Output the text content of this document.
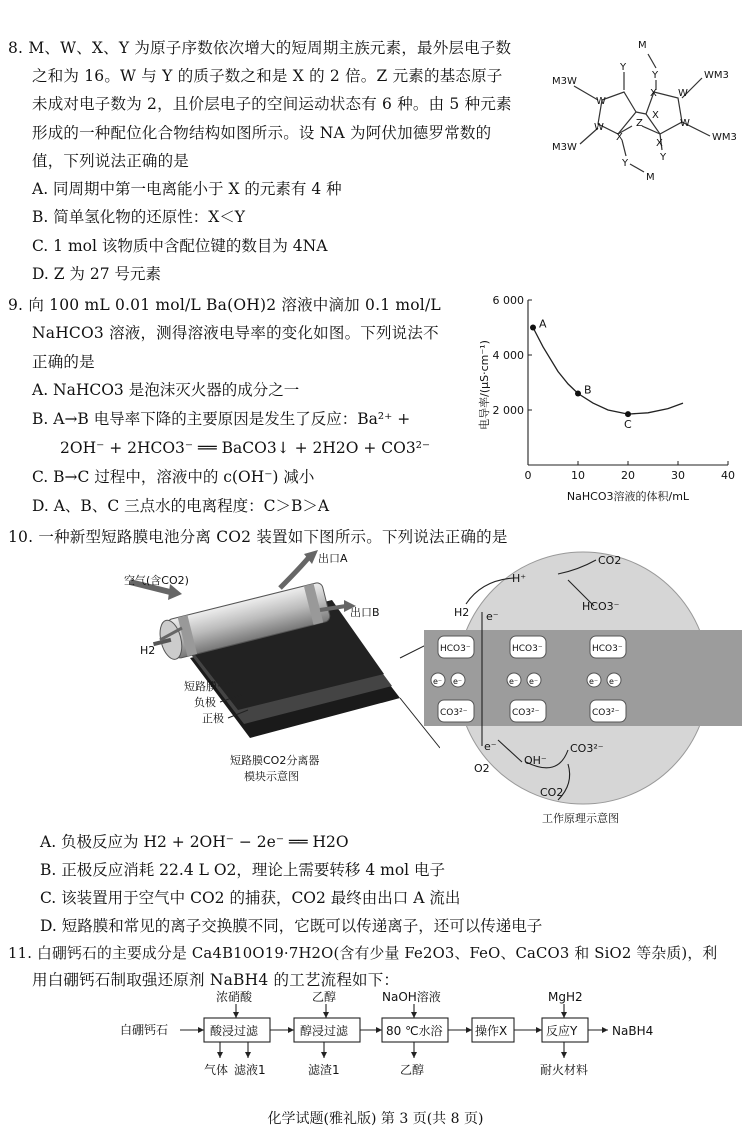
8. M、W、X、Y 为原子序数依次增大的短周期主族元素，最外层电子数
之和为 16。W 与 Y 的质子数之和是 X 的 2 倍。Z 元素的基态原子
未成对电子数为 2，且价层电子的空间运动状态有 6 种。由 5 种元素
形成的一种配位化合物结构如图所示。设 NA 为阿伏加德罗常数的
值，下列说法正确的是
A. 同周期中第一电离能小于 X 的元素有 4 种
B. 简单氢化物的还原性：X＜Y
C. 1 mol 该物质中含配位键的数目为 4NA
D. Z 为 27 号元素
M
Y
Y
M3W
X W
WM3
W
W	Z
X
W
WM3
M3W
X
X
Y
Y
M
9. 向 100 mL 0.01 mol/L Ba(OH)2 溶液中滴加 0.1 mol/L
NaHCO3 溶液，测得溶液电导率的变化如图。下列说法不
正确的是
A. NaHCO3 是泡沫灭火器的成分之一
B. A→B 电导率下降的主要原因是发生了反应：Ba²⁺ +
2OH⁻ + 2HCO3⁻ ══ BaCO3↓ + 2H2O + CO3²⁻
C. B→C 过程中，溶液中的 c(OH⁻) 减小
D. A、B、C 三点水的电离程度：C＞B＞A
0	10	20	30	40
2 000
4 000
6 000
A
B
C
电导率/(μS·cm⁻¹)
NaHCO3溶液的体积/mL
10. 一种新型短路膜电池分离 CO2 装置如下图所示。下列说法正确的是
空气(含CO2)
出口A
出口B
H2
短路膜
负极
正极
短路膜CO2分离器
模块示意图
H⁺
CO2
H2 e⁻
HCO3⁻
HCO3⁻	HCO3⁻	HCO3⁻
e⁻ e⁻	e⁻ e⁻	e⁻ e⁻
CO3²⁻	CO3²⁻	CO3²⁻
e⁻
O2
OH⁻
CO3²⁻
CO2
工作原理示意图
A. 负极反应为 H2 + 2OH⁻ − 2e⁻ ══ H2O
B. 正极反应消耗 22.4 L O2，理论上需要转移 4 mol 电子
C. 该装置用于空气中 CO2 的捕获，CO2 最终由出口 A 流出
D. 短路膜和常见的离子交换膜不同，它既可以传递离子，还可以传递电子
11. 白硼钙石的主要成分是 Ca4B10O19·7H2O(含有少量 Fe2O3、FeO、CaCO3 和 SiO2 等杂质)，利
用白硼钙石制取强还原剂 NaBH4 的工艺流程如下：
白硼钙石	酸浸过滤	醇浸过滤	80 ℃水浴	操作X	反应Y	NaBH4
浓硝酸	乙醇	NaOH溶液	MgH2
气体 滤液1	滤渣1	乙醇	耐火材料
化学试题(雅礼版) 第 3 页(共 8 页)
